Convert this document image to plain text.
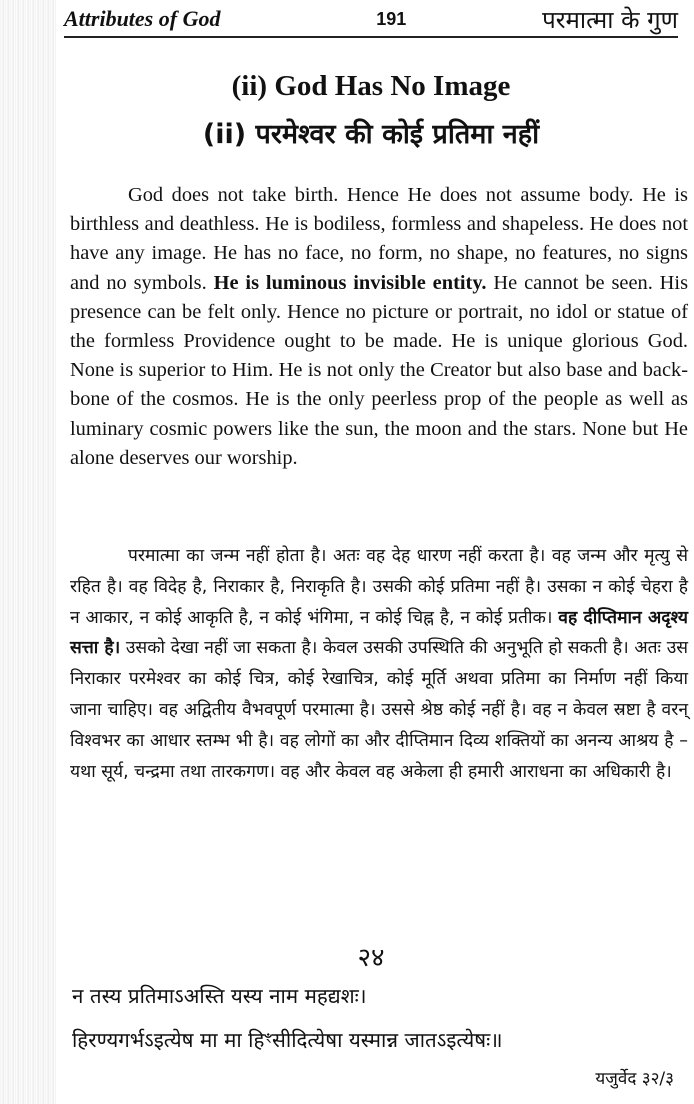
Attributes of God	191	परमात्मा के गुण
(ii) God Has No Image
(ii) परमेश्वर की कोई प्रतिमा नहीं

God does not take birth. Hence He does not assume body. He is birthless and deathless. He is bodiless, formless and shapeless. He does not have any image. He has no face, no form, no shape, no features, no signs and no symbols. He is luminous invisible entity. He cannot be seen. His presence can be felt only. Hence no picture or portrait, no idol or statue of the formless Providence ought to be made. He is unique glorious God. None is superior to Him. He is not only the Creator but also base and back-bone of the cosmos. He is the only peerless prop of the people as well as luminary cosmic powers like the sun, the moon and the stars. None but He alone deserves our worship.

परमात्मा का जन्म नहीं होता है। अतः वह देह धारण नहीं करता है। वह जन्म और मृत्यु से रहित है। वह विदेह है, निराकार है, निराकृति है। उसकी कोई प्रतिमा नहीं है। उसका न कोई चेहरा है न आकार, न कोई आकृति है, न कोई भंगिमा, न कोई चिह्न है, न कोई प्रतीक। वह दीप्तिमान अदृश्य सत्ता है। उसको देखा नहीं जा सकता है। केवल उसकी उपस्थिति की अनुभूति हो सकती है। अतः उस निराकार परमेश्वर का कोई चित्र, कोई रेखाचित्र, कोई मूर्ति अथवा प्रतिमा का निर्माण नहीं किया जाना चाहिए। वह अद्वितीय वैभवपूर्ण परमात्मा है। उससे श्रेष्ठ कोई नहीं है। वह न केवल स्रष्टा है वरन् विश्वभर का आधार स्तम्भ भी है। वह लोगों का और दीप्तिमान दिव्य शक्तियों का अनन्य आश्रय है – यथा सूर्य, चन्द्रमा तथा तारकगण। वह और केवल वह अकेला ही हमारी आराधना का अधिकारी है।

२४
न तस्य प्रतिमाऽअस्ति यस्य नाम महद्यशः।
हिरण्यगर्भऽइत्येष मा मा हिꣳसीदित्येषा यस्मान्न जातऽइत्येषः॥
यजुर्वेद ३२/३
